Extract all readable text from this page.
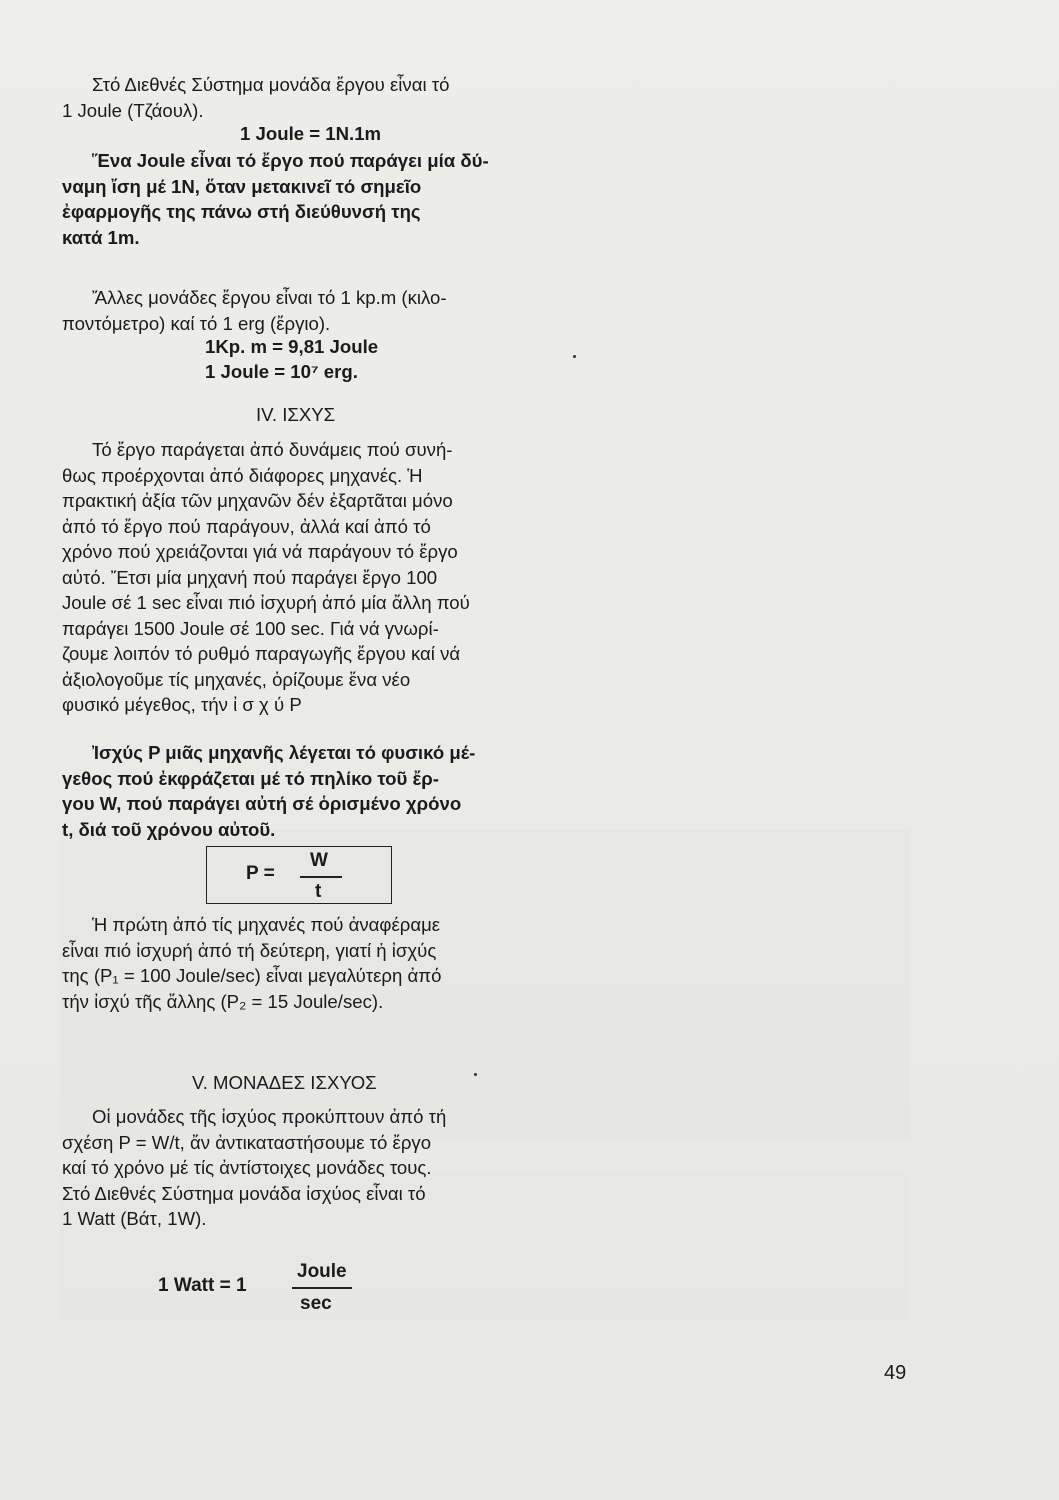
Στό Διεθνές Σύστημα μονάδα ἔργου εἶναι τό

1 Joule (Τζάουλ).

1 Joule = 1N.1m

Ἕνα Joule εἶναι τό ἔργο πού παράγει μία δύ-

ναμη ἴση μέ 1N, ὅταν μετακινεῖ τό σημεῖο

ἐφαρμογῆς της πάνω στή διεύθυνσή της

κατά 1m.

Ἄλλες μονάδες ἔργου εἶναι τό 1 kp.m (κιλο-

ποντόμετρο) καί τό 1 erg (ἔργιο).

1Kp. m = 9,81 Joule
1 Joule = 10⁷ erg.
IV. ΙΣΧΥΣ

Τό ἔργο παράγεται ἀπό δυνάμεις πού συνή-

θως προέρχονται ἀπό διάφορες μηχανές. Ἡ

πρακτική ἀξία τῶν μηχανῶν δέν ἐξαρτᾶται μόνο

ἀπό τό ἔργο πού παράγουν, ἀλλά καί ἀπό τό

χρόνο πού χρειάζονται γιά νά παράγουν τό ἔργο

αὐτό. Ἔτσι μία μηχανή πού παράγει ἔργο 100

Joule σέ 1 sec εἶναι πιό ἰσχυρή ἀπό μία ἄλλη πού

παράγει 1500 Joule σέ 100 sec. Γιά νά γνωρί-

ζουμε λοιπόν τό ρυθμό παραγωγῆς ἔργου καί νά

ἀξιολογοῦμε τίς μηχανές, ὁρίζουμε ἕνα νέο

φυσικό μέγεθος, τήν ἰ σ χ ύ P

Ἰσχύς P μιᾶς μηχανῆς λέγεται τό φυσικό μέ-

γεθος πού ἐκφράζεται μέ τό πηλίκο τοῦ ἔρ-

γου W, πού παράγει αὐτή σέ ὁρισμένο χρόνο

t, διά τοῦ χρόνου αὐτοῦ.

P =
W
t

Ἡ πρώτη ἀπό τίς μηχανές πού ἀναφέραμε

εἶναι πιό ἰσχυρή ἀπό τή δεύτερη, γιατί ἡ ἰσχύς

της (P₁ = 100 Joule/sec) εἶναι μεγαλύτερη ἀπό

τήν ἰσχύ τῆς ἄλλης (P₂ = 15 Joule/sec).

V. ΜΟΝΑΔΕΣ ΙΣΧΥΟΣ

Οἱ μονάδες τῆς ἰσχύος προκύπτουν ἀπό τή

σχέση P = W/t, ἄν ἀντικαταστήσουμε τό ἔργο

καί τό χρόνο μέ τίς ἀντίστοιχες μονάδες τους.

Στό Διεθνές Σύστημα μονάδα ἰσχύος εἶναι τό

1 Watt (Βάτ, 1W).

1 Watt = 1
Joule
sec
49
